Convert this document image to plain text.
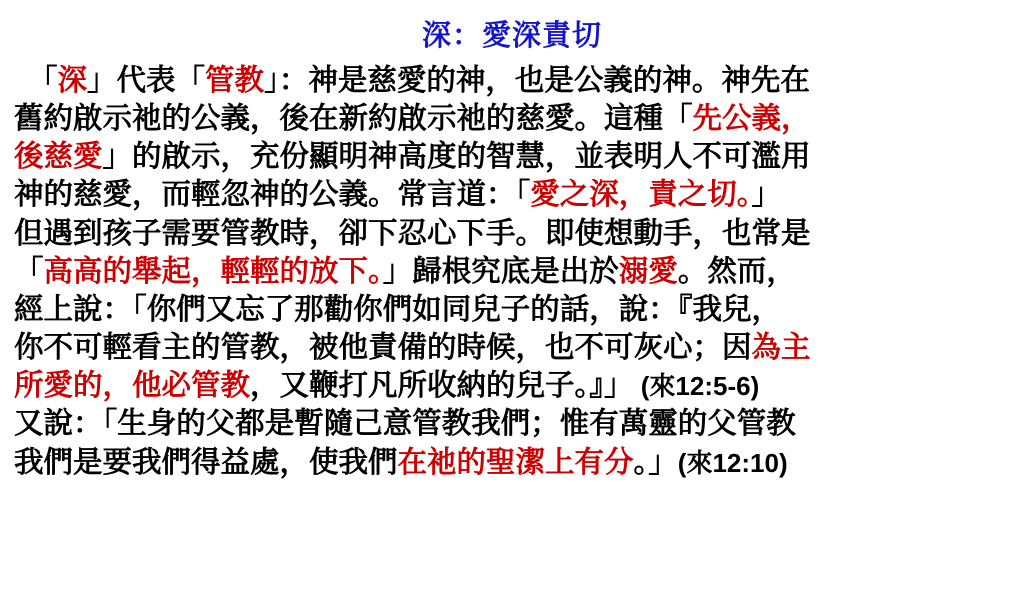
深：愛深責切

「深」代表「管教」：神是慈愛的神，也是公義的神。神先在

舊約啟示祂的公義，後在新約啟示祂的慈愛。這種「先公義，

後慈愛」的啟示，充份顯明神高度的智慧，並表明人不可濫用

神的慈愛，而輕忽神的公義。常言道：「愛之深，責之切。」

但遇到孩子需要管教時，卻下忍心下手。即使想動手，也常是

「高高的舉起，輕輕的放下。」歸根究底是出於溺愛。然而，

經上說：「你們又忘了那勸你們如同兒子的話，說：『我兒，

你不可輕看主的管教，被他責備的時候，也不可灰心；因為主

所愛的，他必管教，又鞭打凡所收納的兒子。』」 (來12:5-6)

又說：「生身的父都是暫隨己意管教我們；惟有萬靈的父管教

我們是要我們得益處，使我們在祂的聖潔上有分。」(來12:10)
